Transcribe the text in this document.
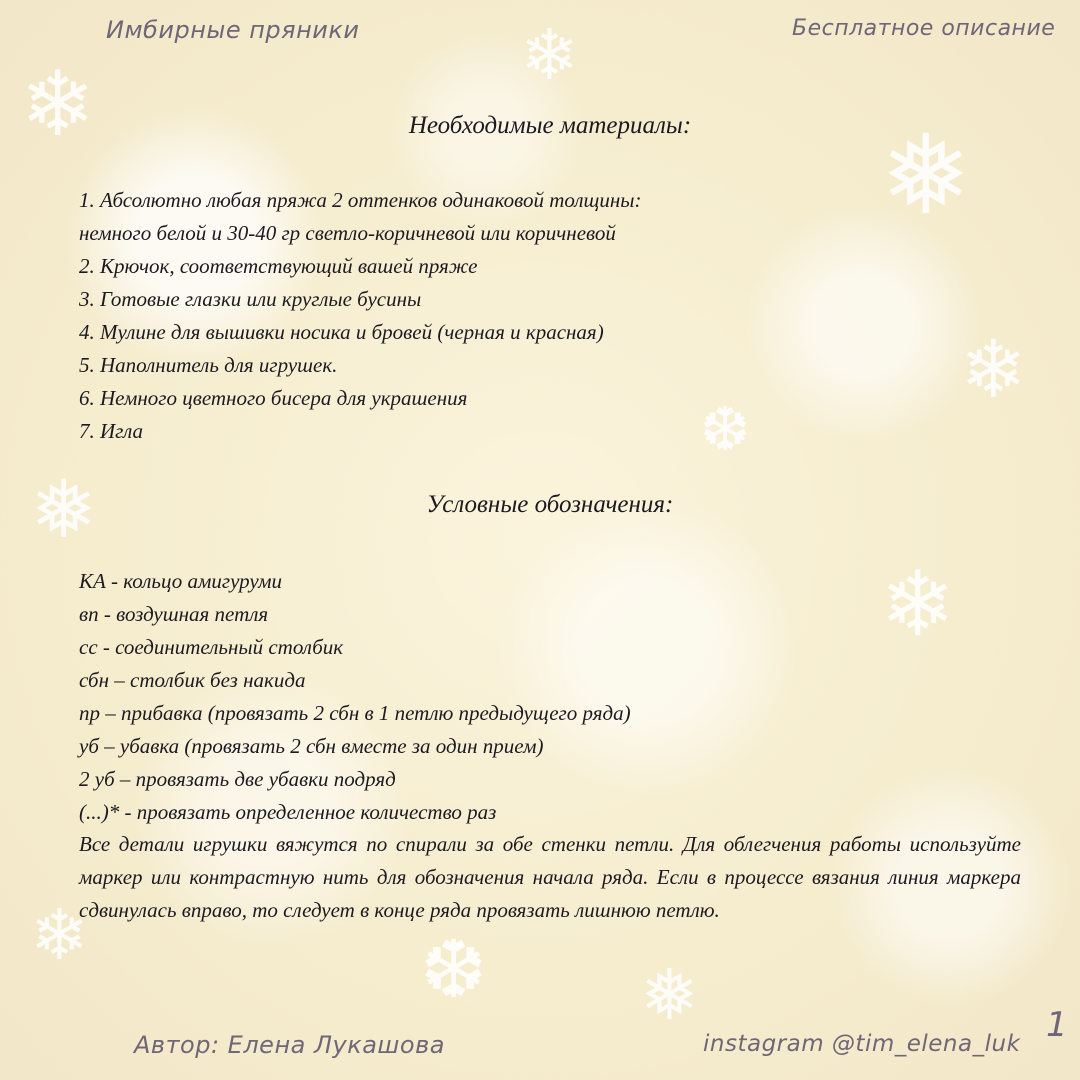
❄	❄
❅
❄
❆
❅
❄
❆
❄
❅
Имбирные пряники	Бесплатное описание
Необходимые материалы:
1. Абсолютно любая пряжа 2 оттенков одинаковой толщины:
немного белой и 30-40 гр светло-коричневой или коричневой
2. Крючок, соответствующий вашей пряже
3. Готовые глазки или круглые бусины
4. Мулине для вышивки носика и бровей (черная и красная)
5. Наполнитель для игрушек.
6. Немного цветного бисера для украшения
7. Игла
Условные обозначения:
КА - кольцо амигуруми
вп - воздушная петля
сс - соединительный столбик
сбн – столбик без накида
пр – прибавка (провязать 2 сбн в 1 петлю предыдущего ряда)
уб – убавка (провязать 2 сбн вместе за один прием)
2 уб – провязать две убавки подряд
(...)* - провязать определенное количество раз

Все детали игрушки вяжутся по спирали за обе стенки петли. Для облегчения работы используйте маркер или контрастную нить для обозначения начала ряда. Если в процессе вязания линия маркера сдвинулась вправо, то следует в конце ряда провязать лишнюю петлю.

Автор: Елена Лукашова	instagram @tim_elena_luk 1
